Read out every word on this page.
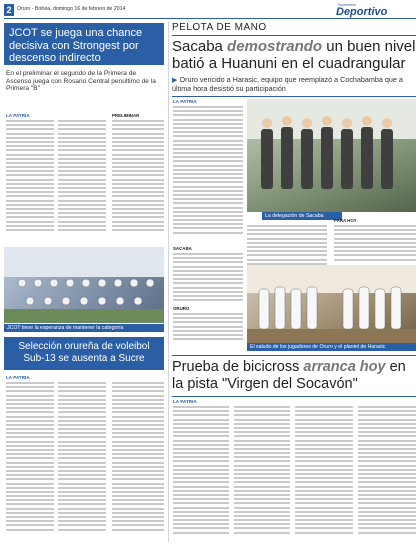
2	Oruro - Bolivia, domingo 16 de febrero de 2014
Suplemento
Deportivo
JCOT se juega una chance decisiva con Strongest por descenso indirecto
En el preliminar el segundo de la Primera de Ascenso juega con Rosario Central penúltimo de la Primera "B"
LA PATRIA	PRELIMINAR
JCOT tiene la esperanza de mantener la categoría
Selección orureña de voleibol Sub-13 se ausenta a Sucre
LA PATRIA
PELOTA DE MANO
Sacaba demostrando un buen nivel batió a Huanuni en el cuadrangular
▶ Oruro vencido a Harasic, equipo que reemplazó a Cochabamba que a última hora desistió su participación
LA PATRIA
SACABA
ORURO
La delegación de Sacaba
PARA HOY
El saludo de los jugadores de Oruro y el plantel de Harasic
Prueba de bicicross arranca hoy en la pista "Virgen del Socavón"
LA PATRIA
